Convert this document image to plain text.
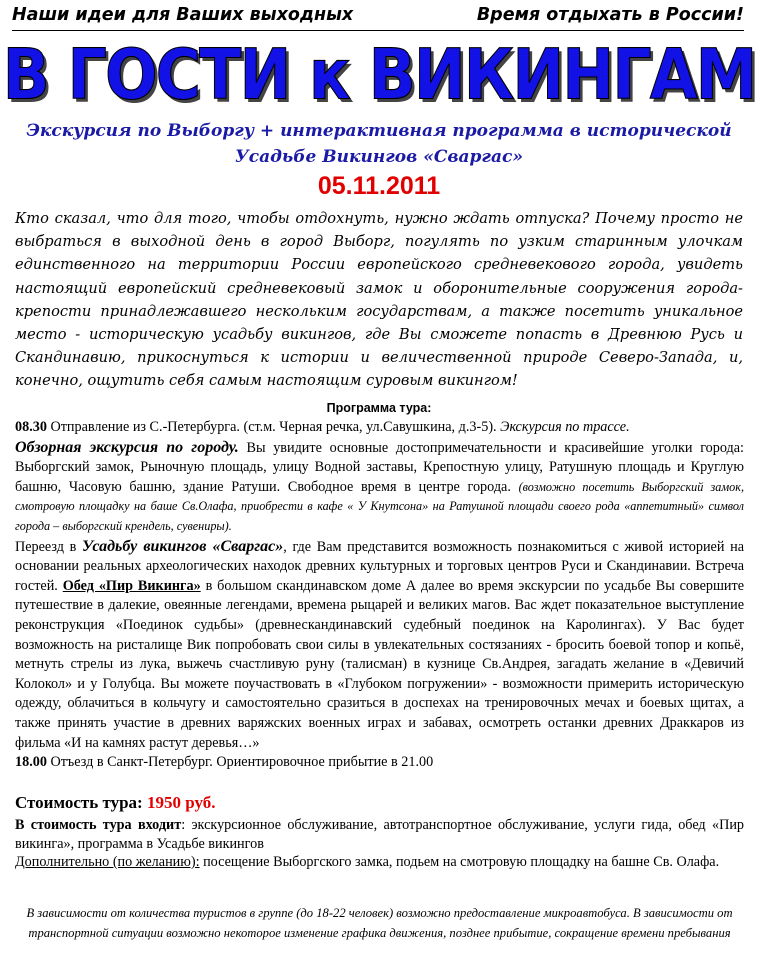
Наши идеи для Ваших выходных	Время отдыхать в России!
В ГОСТИ к ВИКИНГАМ
Экскурсия по Выборгу + интерактивная программа в исторической Усадьбе Викингов «Сваргас»
05.11.2011
Кто сказал, что для того, чтобы отдохнуть, нужно ждать отпуска? Почему просто не выбраться в выходной день в город Выборг, погулять по узким старинным улочкам единственного на территории России европейского средневекового города, увидеть настоящий европейский средневековый замок и оборонительные сооружения города-крепости принадлежавшего нескольким государствам, а также посетить уникальное место - историческую усадьбу викингов, где Вы сможете попасть в Древнюю Русь и Скандинавию, прикоснуться к истории и величественной природе Северо-Запада, и, конечно, ощутить себя самым настоящим суровым викингом!
Программа тура:

08.30 Отправление из С.-Петербурга. (ст.м. Черная речка, ул.Савушкина, д.3-5). Экскурсия по трассе.

Обзорная экскурсия по городу. Вы увидите основные достопримечательности и красивейшие уголки города: Выборгский замок, Рыночную площадь, улицу Водной заставы, Крепостную улицу, Ратушную площадь и Круглую башню, Часовую башню, здание Ратуши. Свободное время в центре города. (возможно посетить Выборгский замок, смотровую площадку на баше Св.Олафа, приобрести в кафе « У Кнутсона» на Ратушной площади своего рода «аппетитный» символ города – выборгский крендель, сувениры).

Переезд в Усадьбу викингов «Сваргас», где Вам представится возможность познакомиться с живой историей на основании реальных археологических находок древних культурных и торговых центров Руси и Скандинавии. Встреча гостей. Обед «Пир Викинга» в большом скандинавском доме А далее во время экскурсии по усадьбе Вы совершите путешествие в далекие, овеянные легендами, времена рыцарей и великих магов. Вас ждет показательное выступление реконструкция «Поединок судьбы» (древнескандинавский судебный поединок на Каролингах). У Вас будет возможность на ристалище Вик попробовать свои силы в увлекательных состязаниях - бросить боевой топор и копьё, метнуть стрелы из лука, выжечь счастливую руну (талисман) в кузнице Св.Андрея, загадать желание в «Девичий Колокол» и у Голубца. Вы можете поучаствовать в «Глубоком погружении» - возможности примерить историческую одежду, облачиться в кольчугу и самостоятельно сразиться в доспехах на тренировочных мечах и боевых щитах, а также принять участие в древних варяжских военных играх и забавах, осмотреть останки древних Драккаров из фильма «И на камнях растут деревья…»

18.00 Отъезд в Санкт-Петербург. Ориентировочное прибытие в 21.00

Стоимость тура: 1950 руб.

В стоимость тура входит: экскурсионное обслуживание, автотранспортное обслуживание, услуги гида, обед «Пир викинга», программа в Усадьбе викингов

Дополнительно (по желанию): посещение Выборгского замка, подьем на смотровую площадку на башне Св. Олафа.

В зависимости от количества туристов в группе (до 18-22 человек) возможно предоставление микроавтобуса. В зависимости от транспортной ситуации возможно некоторое изменение графика движения, позднее прибытие, сокращение времени пребывания
